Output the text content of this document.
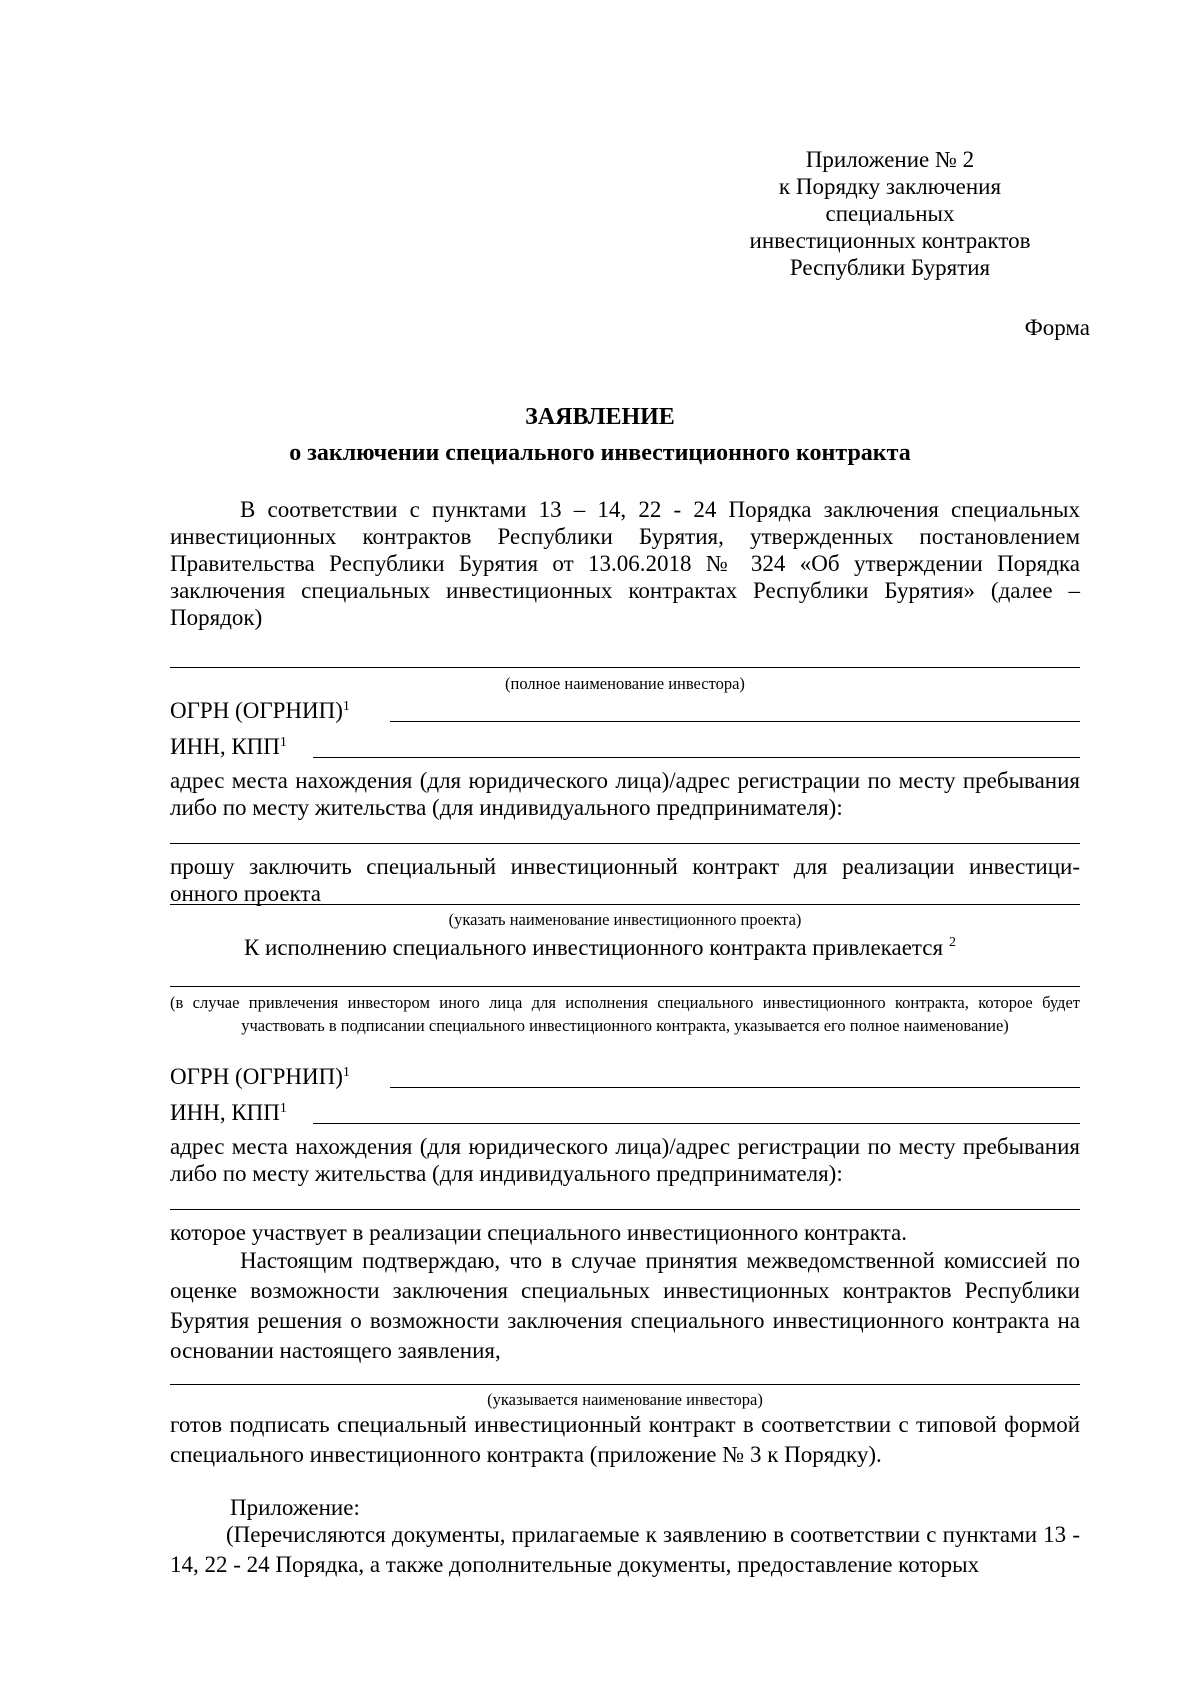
Приложение № 2
к Порядку заключения
специальных
инвестиционных контрактов
Республики Бурятия
Форма
ЗАЯВЛЕНИЕ
о заключении специального инвестиционного контракта
В соответствии с пунктами 13 – 14, 22 - 24 Порядка заключения специальных инвестиционных контрактов Республики Бурятия, утвержденных постановлением Правительства Республики Бурятия от 13.06.2018 № 324 «Об утверждении Порядка заключения специальных инвестиционных контрактах Республики Бурятия» (далее – Порядок)
(полное наименование инвестора)
ОГРН (ОГРНИП)$^1$
ИНН, КПП$^1$
адрес места нахождения (для юридического лица)/адрес регистрации по месту пребывания либо по месту жительства (для индивидуального предпринимателя):
прошу заключить специальный инвестиционный контракт для реализации инвестици-
онного проекта
(указать наименование инвестиционного проекта)
К исполнению специального инвестиционного контракта привлекается $^2$
(в случае привлечения инвестором иного лица для исполнения специального инвестиционного контракта, которое будет участвовать в подписании специального инвестиционного контракта, указывается его полное наименование)
ОГРН (ОГРНИП)$^1$
ИНН, КПП$^1$
адрес места нахождения (для юридического лица)/адрес регистрации по месту пребывания либо по месту жительства (для индивидуального предпринимателя):
которое участвует в реализации специального инвестиционного контракта.
Настоящим подтверждаю, что в случае принятия межведомственной комиссией по оценке возможности заключения специальных инвестиционных контрактов Республики Бурятия решения о возможности заключения специального инвестиционного контракта на основании настоящего заявления,
(указывается наименование инвестора)
готов подписать специальный инвестиционный контракт в соответствии с типовой формой специального инвестиционного контракта (приложение № 3 к Порядку).
Приложение:
(Перечисляются документы, прилагаемые к заявлению в соответствии с пунктами 13 - 14, 22 - 24 Порядка, а также дополнительные документы, предоставление которых
